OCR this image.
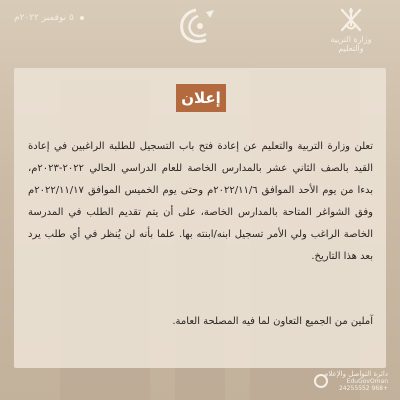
٥ نوفمبر ٢٠٢٢م
وزارة التربية
والتعليم
إعلان

تعلن وزارة التربية والتعليم عن إعادة فتح باب التسجيل للطلبة الراغبين في إعادة القيد بالصف الثاني عشر بالمدارس الخاصة للعام الدراسي الحالي ٢٠٢٢-٢٠٢٣م، بدءا من يوم الأحد الموافق ٢٠٢٢/١١/٦م وحتى يوم الخميس الموافق ٢٠٢٢/١١/١٧م وفق الشواغر المتاحة بالمدارس الخاصة، على أن يتم تقديم الطلب في المدرسة الخاصة الراغب ولي الأمر تسجيل ابنه/ابنته بها. علما بأنه لن يُنظر في أي طلب يرد بعد هذا التاريخ.

آملين من الجميع التعاون لما فيه المصلحة العامة.
دائرة التواصل والإعلام
EduGovOman
+968 24255552
